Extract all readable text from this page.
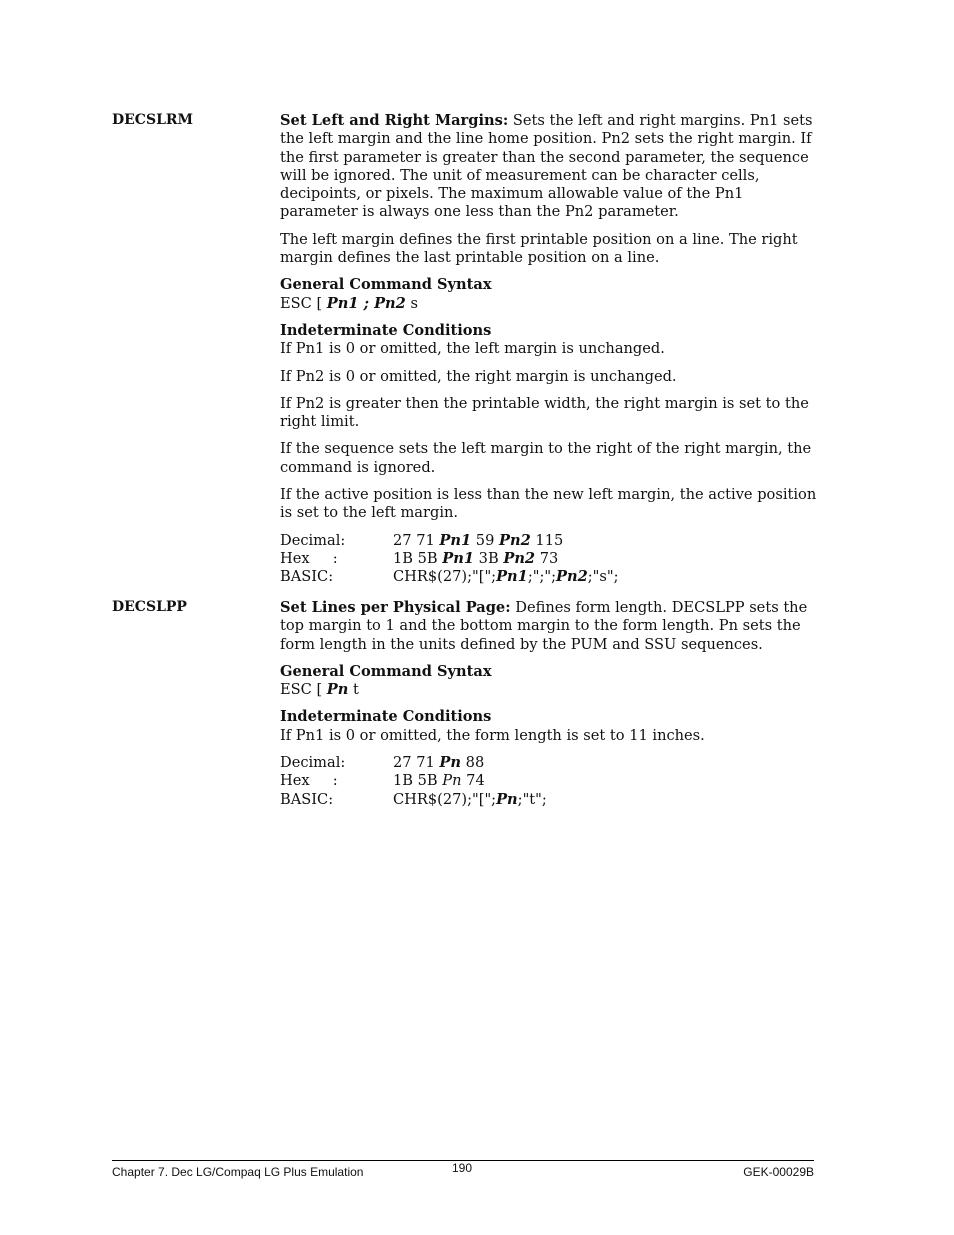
DECSLRM	Set Left and Right Margins: Sets the left and right margins. Pn1 sets the left margin and the line home position. Pn2 sets the right margin. If the first parameter is greater than the second parameter, the sequence will be ignored. The unit of measurement can be character cells, decipoints, or pixels. The maximum allowable value of the Pn1 parameter is always one less than the Pn2 parameter.

The left margin defines the first printable position on a line. The right margin defines the last printable position on a line.

General Command Syntax
ESC [ Pn1 ; Pn2 s
Indeterminate Conditions

If Pn1 is 0 or omitted, the left margin is unchanged.

If Pn2 is 0 or omitted, the right margin is unchanged.

If Pn2 is greater then the printable width, the right margin is set to the right limit.

If the sequence sets the left margin to the right of the right margin, the command is ignored.

If the active position is less than the new left margin, the active position is set to the left margin.

Decimal:	27 71 Pn1 59 Pn2 115
Hex     :	1B 5B Pn1 3B Pn2 73
BASIC:	CHR$(27);"[";Pn1;";";Pn2;"s";
DECSLPP	Set Lines per Physical Page: Defines form length. DECSLPP sets the top margin to 1 and the bottom margin to the form length. Pn sets the form length in the units defined by the PUM and SSU sequences.

General Command Syntax
ESC [ Pn t
Indeterminate Conditions

If Pn1 is 0 or omitted, the form length is set to 11 inches.

Decimal:	27 71 Pn 88
Hex     :	1B 5B Pn 74
BASIC:	CHR$(27);"[";Pn;"t";
Chapter 7. Dec LG/Compaq LG Plus Emulation	190	GEK-00029B
